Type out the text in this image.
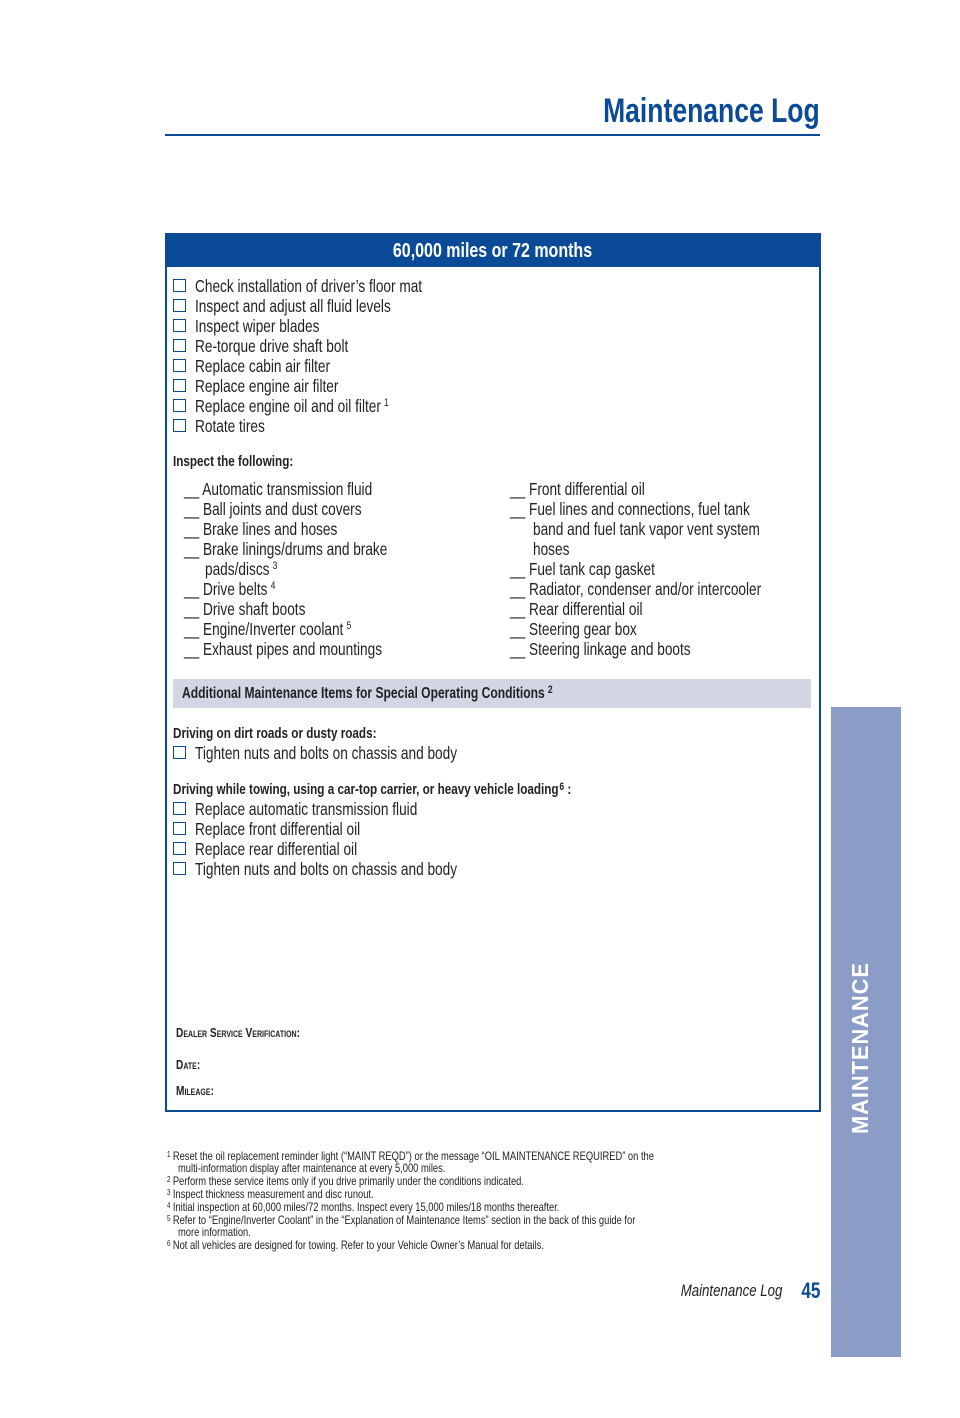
Maintenance Log
MAINTENANCE
60,000 miles or 72 months
Check installation of driver’s floor mat
Inspect and adjust all fluid levels
Inspect wiper blades
Re-torque drive shaft bolt
Replace cabin air filter
Replace engine air filter
Replace engine oil and oil filter $^1$
Rotate tires
Inspect the following:
__ Automatic transmission fluid
__ Ball joints and dust covers
__ Brake lines and hoses
__ Brake linings/drums and brake
pads/discs $^3$
__ Drive belts $^4$
__ Drive shaft boots
__ Engine/Inverter coolant $^5$
__ Exhaust pipes and mountings
__ Front differential oil
__ Fuel lines and connections, fuel tank
band and fuel tank vapor vent system
hoses
__ Fuel tank cap gasket
__ Radiator, condenser and/or intercooler
__ Rear differential oil
__ Steering gear box
__ Steering linkage and boots
Additional Maintenance Items for Special Operating Conditions $^2$
Driving on dirt roads or dusty roads:
Tighten nuts and bolts on chassis and body
Driving while towing, using a car-top carrier, or heavy vehicle loading$^6$ :
Replace automatic transmission fluid
Replace front differential oil
Replace rear differential oil
Tighten nuts and bolts on chassis and body
Dealer Service Verification:
Date:
Mileage:
$^1$ Reset the oil replacement reminder light (“MAINT REQD”) or the message “OIL MAINTENANCE REQUIRED” on the
multi-information display after maintenance at every 5,000 miles.
$^2$ Perform these service items only if you drive primarily under the conditions indicated.
$^3$ Inspect thickness measurement and disc runout.
$^4$ Initial inspection at 60,000 miles/72 months. Inspect every 15,000 miles/18 months thereafter.
$^5$ Refer to “Engine/Inverter Coolant” in the “Explanation of Maintenance Items” section in the back of this guide for
more information.
$^6$ Not all vehicles are designed for towing. Refer to your Vehicle Owner’s Manual for details.
Maintenance Log 45
